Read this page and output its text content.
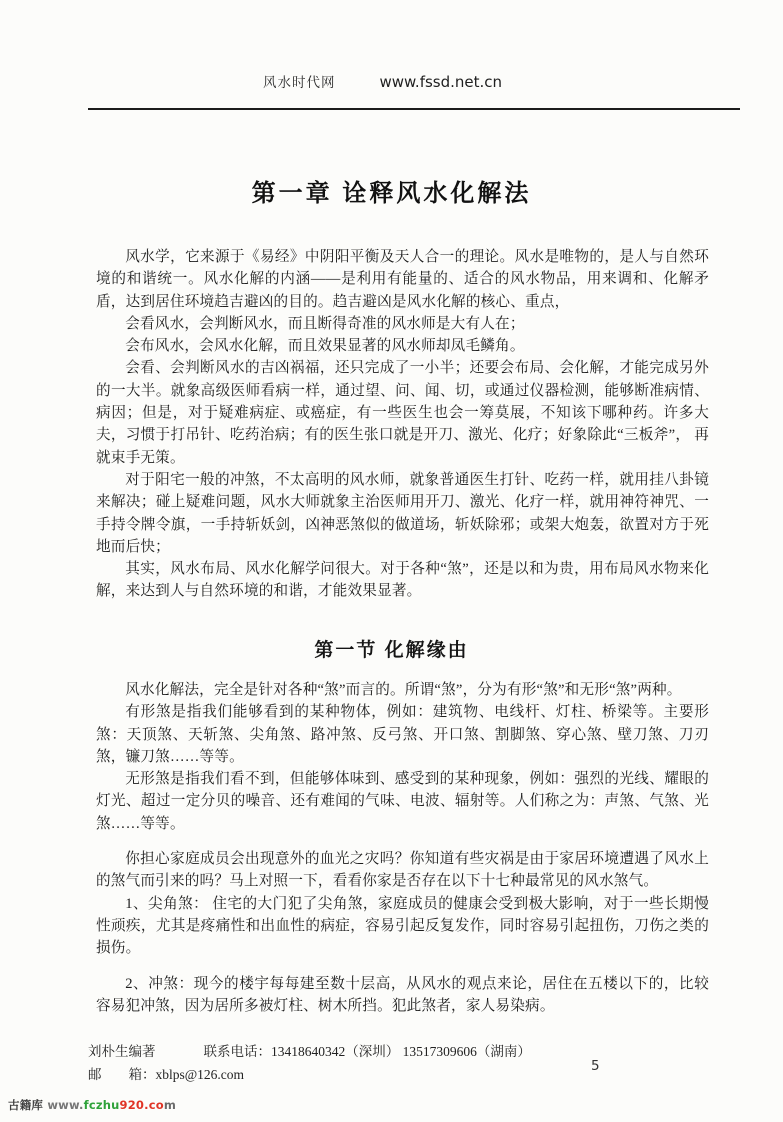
风水时代网	www.fssd.net.cn
第一章 诠释风水化解法

风水学，它来源于《易经》中阴阳平衡及天人合一的理论。风水是唯物的，是人与自然环境的和谐统一。风水化解的内涵——是利用有能量的、适合的风水物品，用来调和、化解矛盾，达到居住环境趋吉避凶的目的。趋吉避凶是风水化解的核心、重点，

会看风水，会判断风水，而且断得奇准的风水师是大有人在；

会布风水，会风水化解，而且效果显著的风水师却凤毛鳞角。

会看、会判断风水的吉凶祸福，还只完成了一小半；还要会布局、会化解，才能完成另外的一大半。就象高级医师看病一样，通过望、问、闻、切，或通过仪器检测，能够断准病情、病因；但是，对于疑难病症、或癌症，有一些医生也会一筹莫展，不知该下哪种药。许多大夫，习惯于打吊针、吃药治病；有的医生张口就是开刀、激光、化疗；好象除此“三板斧”， 再就束手无策。

对于阳宅一般的冲煞，不太高明的风水师，就象普通医生打针、吃药一样，就用挂八卦镜来解决；碰上疑难问题，风水大师就象主治医师用开刀、激光、化疗一样，就用神符神咒、一手持令牌令旗，一手持斩妖剑，凶神恶煞似的做道场，斩妖除邪；或架大炮轰，欲置对方于死地而后快；

其实，风水布局、风水化解学问很大。对于各种“煞”，还是以和为贵，用布局风水物来化解，来达到人与自然环境的和谐，才能效果显著。

第一节 化解缘由

风水化解法，完全是针对各种“煞”而言的。所谓“煞”，分为有形“煞”和无形“煞”两种。

有形煞是指我们能够看到的某种物体，例如：建筑物、电线杆、灯柱、桥梁等。主要形煞：天顶煞、天斩煞、尖角煞、路冲煞、反弓煞、开口煞、割脚煞、穿心煞、壁刀煞、刀刃煞，镰刀煞……等等。

无形煞是指我们看不到，但能够体味到、感受到的某种现象，例如：强烈的光线、耀眼的灯光、超过一定分贝的噪音、还有难闻的气味、电波、辐射等。人们称之为：声煞、气煞、光煞……等等。

你担心家庭成员会出现意外的血光之灾吗？你知道有些灾祸是由于家居环境遭遇了风水上的煞气而引来的吗？马上对照一下，看看你家是否存在以下十七种最常见的风水煞气。

1、尖角煞： 住宅的大门犯了尖角煞，家庭成员的健康会受到极大影响，对于一些长期慢性顽疾，尤其是疼痛性和出血性的病症，容易引起反复发作，同时容易引起扭伤，刀伤之类的损伤。

2、冲煞：现今的楼宇每每建至数十层高，从风水的观点来论，居住在五楼以下的，比较容易犯冲煞，因为居所多被灯柱、树木所挡。犯此煞者，家人易染病。

刘朴生编著	联系电话：13418640342（深圳） 13517309606（湖南）
邮　　箱：xblps@126.com
5
古籍库 www.fczhu920.com
